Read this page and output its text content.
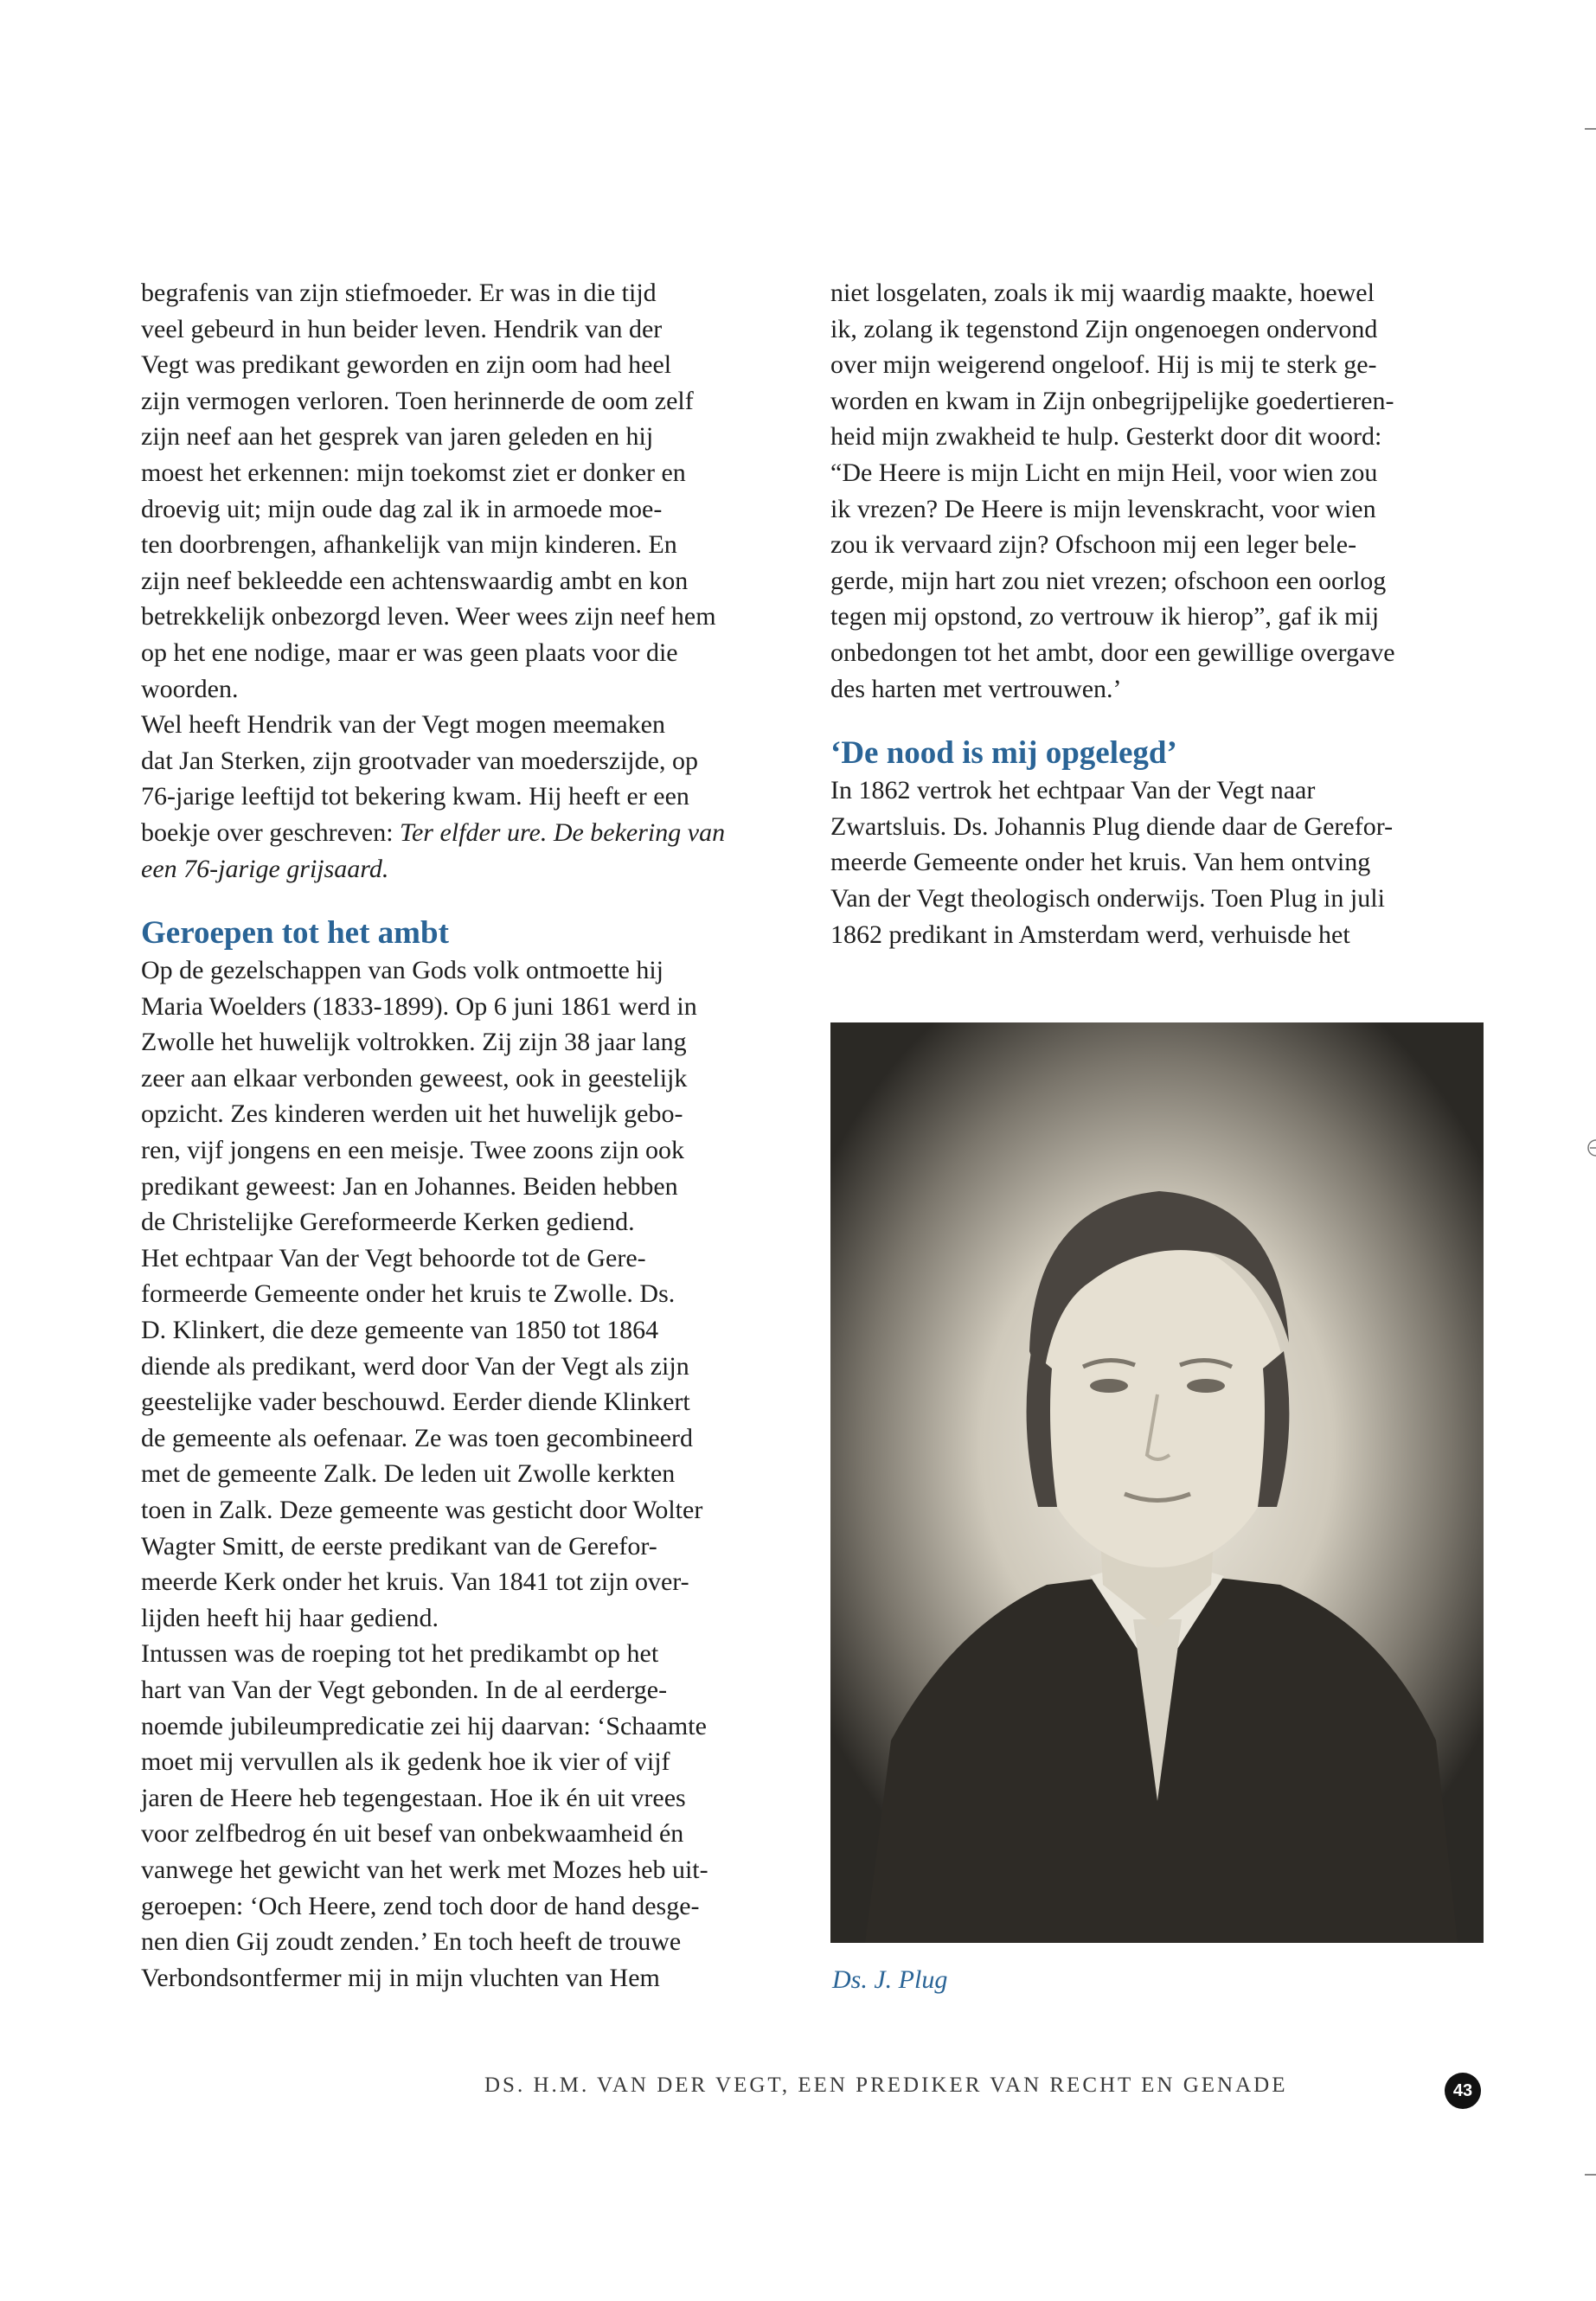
begrafenis van zijn stiefmoeder. Er was in die tijd
veel gebeurd in hun beider leven. Hendrik van der
Vegt was predikant geworden en zijn oom had heel
zijn vermogen verloren. Toen herinnerde de oom zelf
zijn neef aan het gesprek van jaren geleden en hij
moest het erkennen: mijn toekomst ziet er donker en
droevig uit; mijn oude dag zal ik in armoede moe-
ten doorbrengen, afhankelijk van mijn kinderen. En
zijn neef bekleedde een achtenswaardig ambt en kon
betrekkelijk onbezorgd leven. Weer wees zijn neef hem
op het ene nodige, maar er was geen plaats voor die
woorden.
Wel heeft Hendrik van der Vegt mogen meemaken
dat Jan Sterken, zijn grootvader van moederszijde, op
76-jarige leeftijd tot bekering kwam. Hij heeft er een
boekje over geschreven: Ter elfder ure. De bekering van
een 76-jarige grijsaard.
Geroepen tot het ambt
Op de gezelschappen van Gods volk ontmoette hij
Maria Woelders (1833-1899). Op 6 juni 1861 werd in
Zwolle het huwelijk voltrokken. Zij zijn 38 jaar lang
zeer aan elkaar verbonden geweest, ook in geestelijk
opzicht. Zes kinderen werden uit het huwelijk gebo-
ren, vijf jongens en een meisje. Twee zoons zijn ook
predikant geweest: Jan en Johannes. Beiden hebben
de Christelijke Gereformeerde Kerken gediend.
Het echtpaar Van der Vegt behoorde tot de Gere-
formeerde Gemeente onder het kruis te Zwolle. Ds.
D. Klinkert, die deze gemeente van 1850 tot 1864
diende als predikant, werd door Van der Vegt als zijn
geestelijke vader beschouwd. Eerder diende Klinkert
de gemeente als oefenaar. Ze was toen gecombineerd
met de gemeente Zalk. De leden uit Zwolle kerkten
toen in Zalk. Deze gemeente was gesticht door Wolter
Wagter Smitt, de eerste predikant van de Gerefor-
meerde Kerk onder het kruis. Van 1841 tot zijn over-
lijden heeft hij haar gediend.
Intussen was de roeping tot het predikambt op het
hart van Van der Vegt gebonden. In de al eerderge-
noemde jubileumpredicatie zei hij daarvan: ‘Schaamte
moet mij vervullen als ik gedenk hoe ik vier of vijf
jaren de Heere heb tegengestaan. Hoe ik én uit vrees
voor zelfbedrog én uit besef van onbekwaamheid én
vanwege het gewicht van het werk met Mozes heb uit-
geroepen: ‘Och Heere, zend toch door de hand desge-
nen dien Gij zoudt zenden.’ En toch heeft de trouwe
Verbondsontfermer mij in mijn vluchten van Hem
niet losgelaten, zoals ik mij waardig maakte, hoewel
ik, zolang ik tegenstond Zijn ongenoegen ondervond
over mijn weigerend ongeloof. Hij is mij te sterk ge-
worden en kwam in Zijn onbegrijpelijke goedertieren-
heid mijn zwakheid te hulp. Gesterkt door dit woord:
“De Heere is mijn Licht en mijn Heil, voor wien zou
ik vrezen? De Heere is mijn levenskracht, voor wien
zou ik vervaard zijn? Ofschoon mij een leger bele-
gerde, mijn hart zou niet vrezen; ofschoon een oorlog
tegen mij opstond, zo vertrouw ik hierop”, gaf ik mij
onbedongen tot het ambt, door een gewillige overgave
des harten met vertrouwen.’
‘De nood is mij opgelegd’
In 1862 vertrok het echtpaar Van der Vegt naar
Zwartsluis. Ds. Johannis Plug diende daar de Gerefor-
meerde Gemeente onder het kruis. Van hem ontving
Van der Vegt theologisch onderwijs. Toen Plug in juli
1862 predikant in Amsterdam werd, verhuisde het
Ds. J. Plug
DS. H.M. VAN DER VEGT, EEN PREDIKER VAN RECHT EN GENADE	43
